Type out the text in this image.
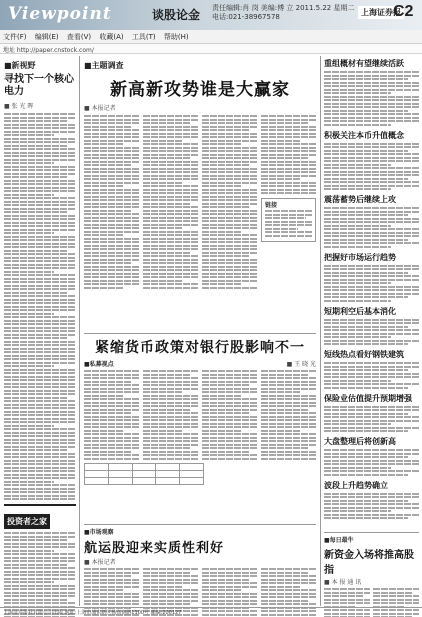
Viewpoint	谈股论金 责任编辑:肖 岗 美编:傅 立 2011.5.22 星期二
电话:021-38967578	上海证券报
C2
文件(F) 编辑(E) 查看(V) 收藏(A) 工具(T) 帮助(H)
地址 http://paper.cnstock.com/
■新视野
寻找下一个核心电力
■ 张 光 晖
投资者之家
■主题调查
新高新攻势谁是大赢家
■ 本报记者
链接
紧缩货币政策对银行股影响不一
■私募视点	■ 王 晓 光

■市场观察
航运股迎来实质性利好
■ 本报记者
重组概材有望继续活跃
积极关注本币升值概念
震荡蓄势后继续上攻
把握好市场运行趋势
短期利空后基本消化
短线热点看好钢铁建筑
保险业估值提升预期增强
大盘整理后将创新高
波段上升趋势确立
■每日最牛
新资金入场将推高股指
■ 本 报 通 讯
上海证券报社有限公司出版 地址:上海市浦东新区杨高南路1100号 邮编:200127
